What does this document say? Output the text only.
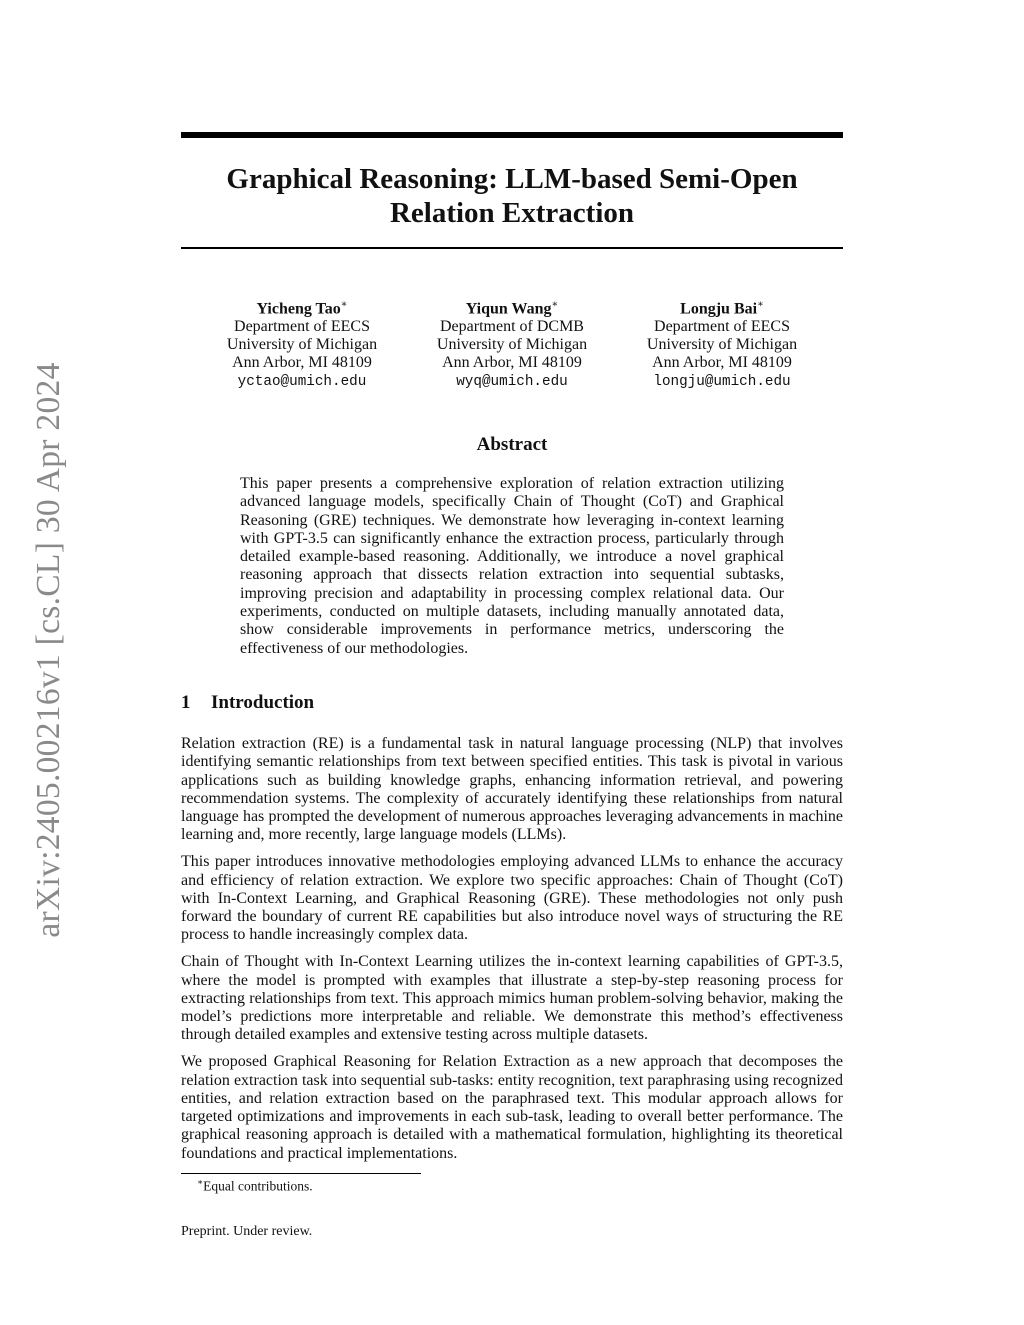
arXiv:2405.00216v1 [cs.CL] 30 Apr 2024
Graphical Reasoning: LLM-based Semi-Open
Relation Extraction
Yicheng Tao∗
Department of EECS
University of Michigan
Ann Arbor, MI 48109
yctao@umich.edu
Yiqun Wang∗
Department of DCMB
University of Michigan
Ann Arbor, MI 48109
wyq@umich.edu
Longju Bai∗
Department of EECS
University of Michigan
Ann Arbor, MI 48109
longju@umich.edu
Abstract
This paper presents a comprehensive exploration of relation extraction utilizing advanced language models, specifically Chain of Thought (CoT) and Graphical Reasoning (GRE) techniques. We demonstrate how leveraging in-context learning with GPT-3.5 can significantly enhance the extraction process, particularly through detailed example-based reasoning. Additionally, we introduce a novel graphical reasoning approach that dissects relation extraction into sequential subtasks, improving precision and adaptability in processing complex relational data. Our experiments, conducted on multiple datasets, including manually annotated data, show considerable improvements in performance metrics, underscoring the effectiveness of our methodologies.
1 Introduction

Relation extraction (RE) is a fundamental task in natural language processing (NLP) that involves identifying semantic relationships from text between specified entities. This task is pivotal in various applications such as building knowledge graphs, enhancing information retrieval, and powering recommendation systems. The complexity of accurately identifying these relationships from natural language has prompted the development of numerous approaches leveraging advancements in machine learning and, more recently, large language models (LLMs).

This paper introduces innovative methodologies employing advanced LLMs to enhance the accuracy and efficiency of relation extraction. We explore two specific approaches: Chain of Thought (CoT) with In-Context Learning, and Graphical Reasoning (GRE). These methodologies not only push forward the boundary of current RE capabilities but also introduce novel ways of structuring the RE process to handle increasingly complex data.

Chain of Thought with In-Context Learning utilizes the in-context learning capabilities of GPT-3.5, where the model is prompted with examples that illustrate a step-by-step reasoning process for extracting relationships from text. This approach mimics human problem-solving behavior, making the model’s predictions more interpretable and reliable. We demonstrate this method’s effectiveness through detailed examples and extensive testing across multiple datasets.

We proposed Graphical Reasoning for Relation Extraction as a new approach that decomposes the relation extraction task into sequential sub-tasks: entity recognition, text paraphrasing using recognized entities, and relation extraction based on the paraphrased text. This modular approach allows for targeted optimizations and improvements in each sub-task, leading to overall better performance. The graphical reasoning approach is detailed with a mathematical formulation, highlighting its theoretical foundations and practical implementations.

∗Equal contributions.
Preprint. Under review.
